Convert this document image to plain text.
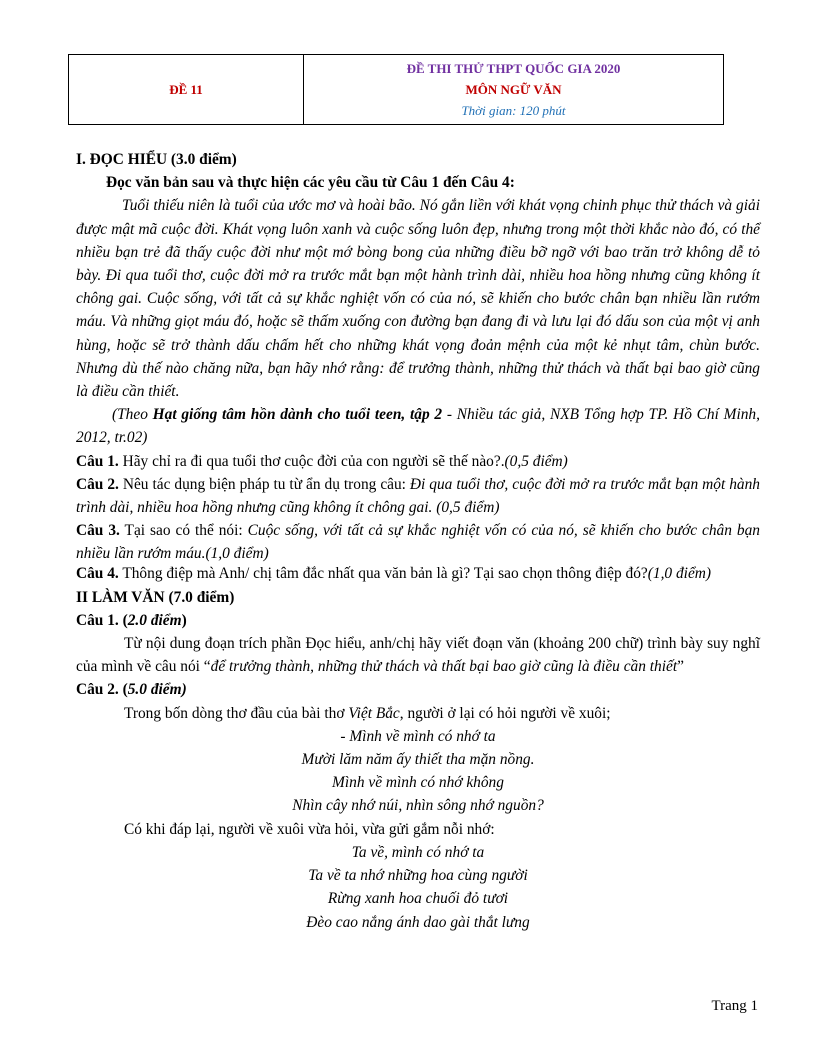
ĐỀ 11
ĐỀ THI THỬ THPT QUỐC GIA 2020
MÔN NGỮ VĂN
Thời gian: 120 phút

I. ĐỌC HIỂU (3.0 điểm)

Đọc văn bản sau và thực hiện các yêu cầu từ Câu 1 đến Câu 4:

Tuổi thiếu niên là tuổi của ước mơ và hoài bão. Nó gắn liền với khát vọng chinh phục thử thách và giải được mật mã cuộc đời. Khát vọng luôn xanh và cuộc sống luôn đẹp, nhưng trong một thời khắc nào đó, có thể nhiều bạn trẻ đã thấy cuộc đời như một mớ bòng bong của những điều bỡ ngỡ với bao trăn trở không dễ tỏ bày. Đi qua tuổi thơ, cuộc đời mở ra trước mắt bạn một hành trình dài, nhiều hoa hồng nhưng cũng không ít chông gai. Cuộc sống, với tất cả sự khắc nghiệt vốn có của nó, sẽ khiến cho bước chân bạn nhiều lần rướm máu. Và những giọt máu đó, hoặc sẽ thấm xuống con đường bạn đang đi và lưu lại đó dấu son của một vị anh hùng, hoặc sẽ trở thành dấu chấm hết cho những khát vọng đoản mệnh của một kẻ nhụt tâm, chùn bước. Nhưng dù thế nào chăng nữa, bạn hãy nhớ rằng: để trưởng thành, những thử thách và thất bại bao giờ cũng là điều cần thiết.

(Theo Hạt giống tâm hồn dành cho tuổi teen, tập 2 - Nhiều tác giả, NXB Tổng hợp TP. Hồ Chí Minh, 2012, tr.02)

Câu 1. Hãy chỉ ra đi qua tuổi thơ cuộc đời của con người sẽ thế nào?.(0,5 điểm)

Câu 2. Nêu tác dụng biện pháp tu từ ẩn dụ trong câu: Đi qua tuổi thơ, cuộc đời mở ra trước mắt bạn một hành trình dài, nhiều hoa hồng nhưng cũng không ít chông gai. (0,5 điểm)

Câu 3. Tại sao có thể nói: Cuộc sống, với tất cả sự khắc nghiệt vốn có của nó, sẽ khiến cho bước chân bạn nhiều lần rướm máu.(1,0 điểm)

Câu 4. Thông điệp mà Anh/ chị tâm đắc nhất qua văn bản là gì? Tại sao chọn thông điệp đó?(1,0 điểm)

II LÀM VĂN (7.0 điểm)

Câu 1. (2.0 điểm)

Từ nội dung đoạn trích phần Đọc hiểu, anh/chị hãy viết đoạn văn (khoảng 200 chữ) trình bày suy nghĩ của mình về câu nói “để trưởng thành, những thử thách và thất bại bao giờ cũng là điều cần thiết”

Câu 2. (5.0 điểm)

Trong bốn dòng thơ đầu của bài thơ Việt Bắc, người ở lại có hỏi người về xuôi;

- Mình về mình có nhớ ta

Mười lăm năm ấy thiết tha mặn nồng.

Mình về mình có nhớ không

Nhìn cây nhớ núi, nhìn sông nhớ nguồn?

Có khi đáp lại, người về xuôi vừa hỏi, vừa gửi gắm nỗi nhớ:

Ta về, mình có nhớ ta

Ta về ta nhớ những hoa cùng người

Rừng xanh hoa chuối đỏ tươi

Đèo cao nắng ánh dao gài thắt lưng

Trang 1
